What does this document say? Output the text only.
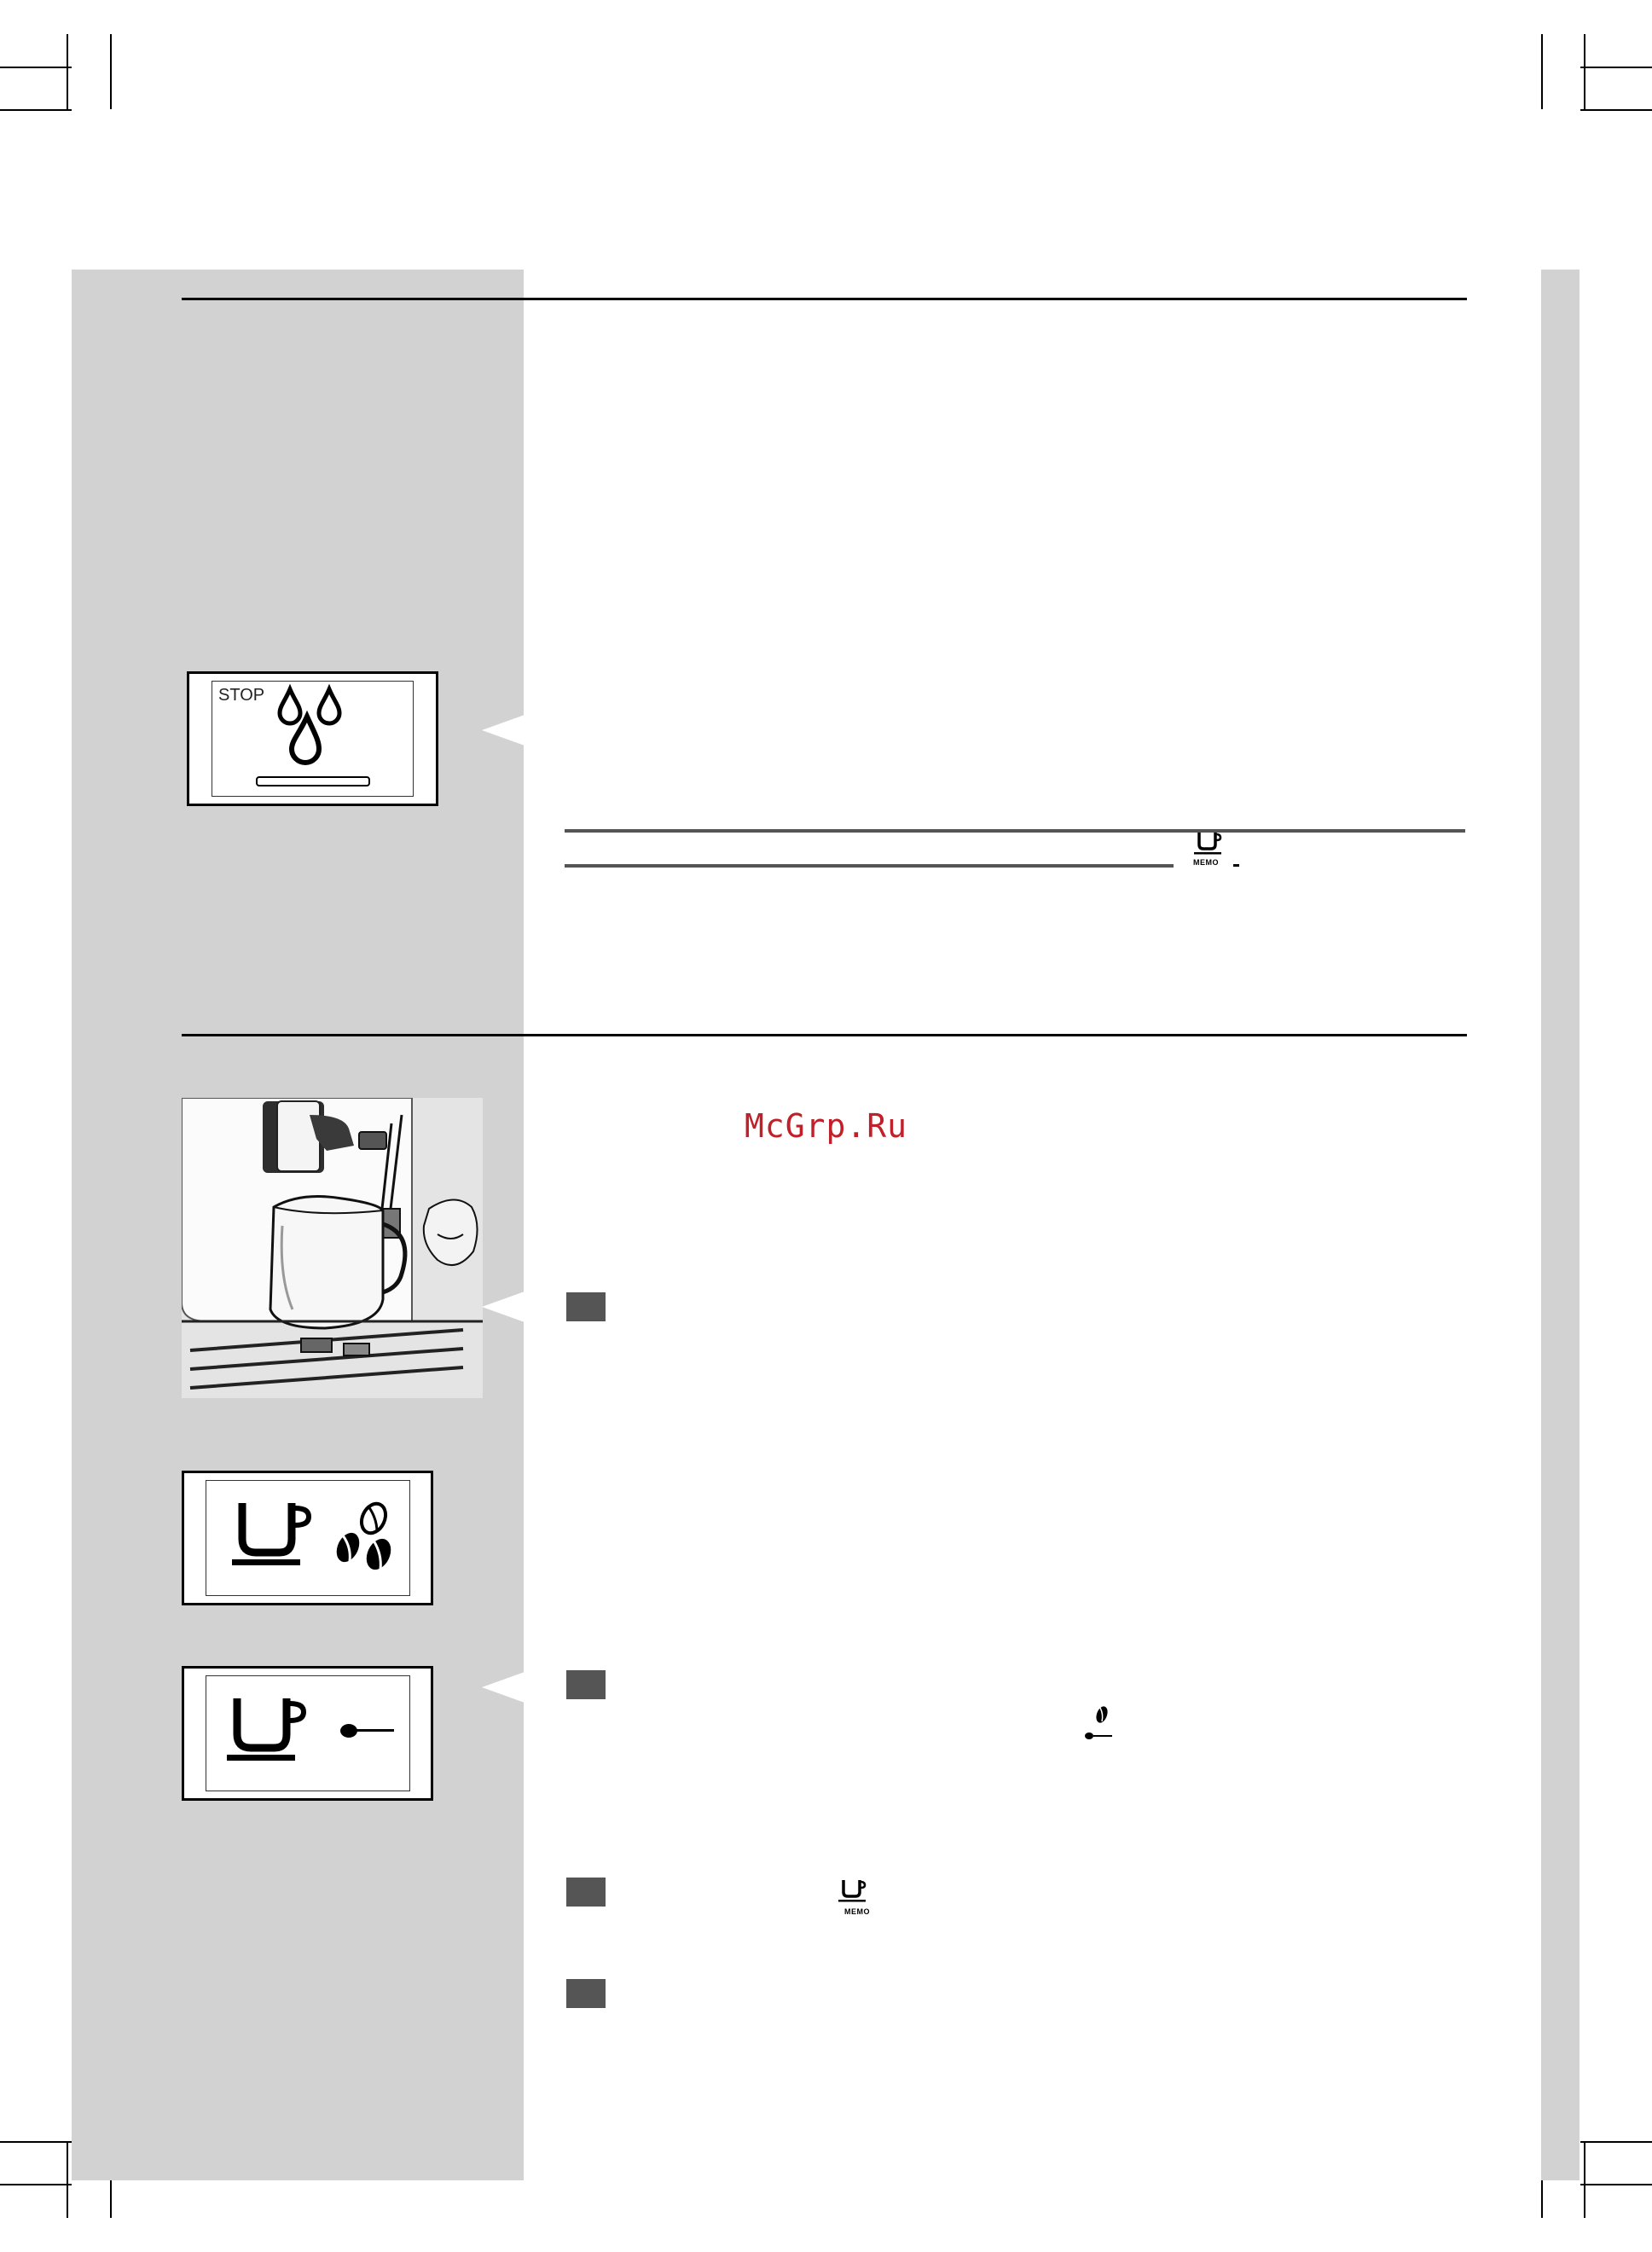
STOP
MEMO
McGrp.Ru
MEMO
